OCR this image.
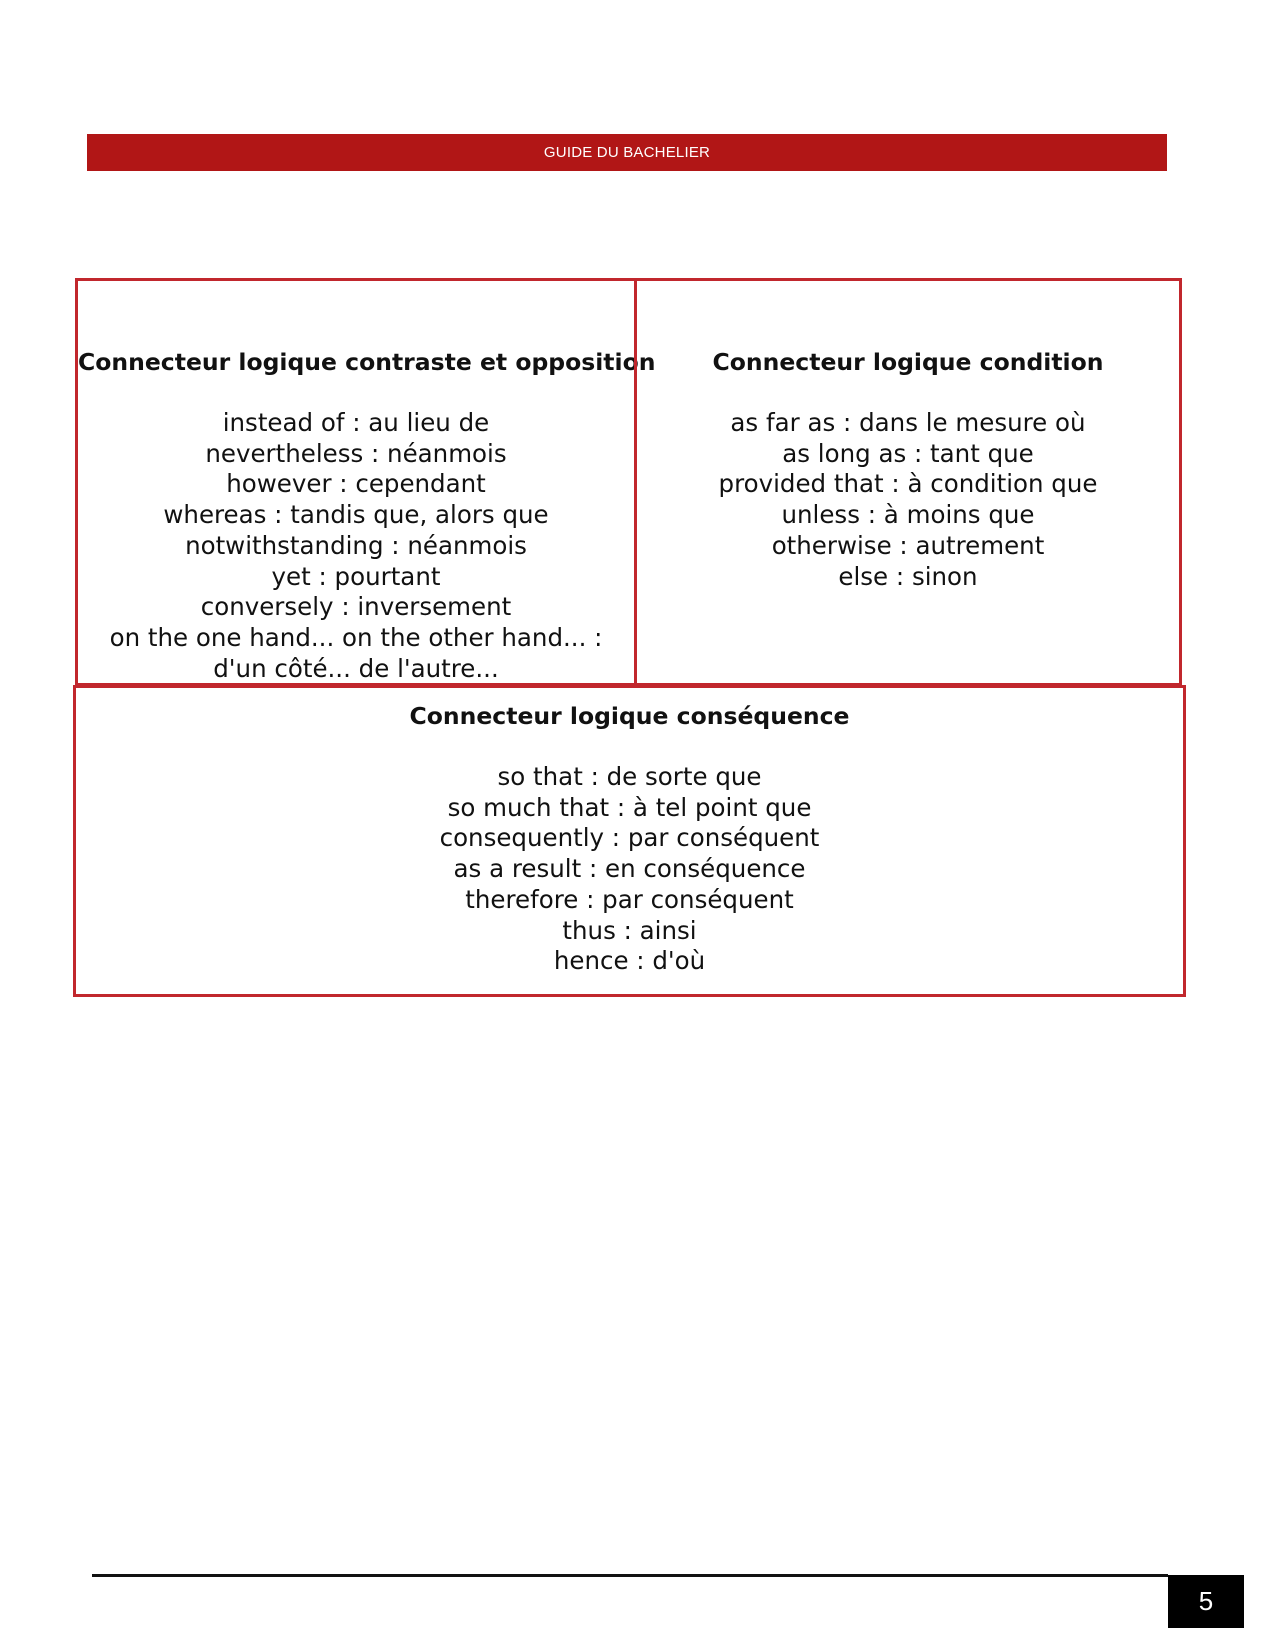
GUIDE DU BACHELIER
Connecteur logique contraste et opposition
instead of : au lieu de
nevertheless : néanmois
however : cependant
whereas : tandis que, alors que
notwithstanding : néanmois
yet : pourtant
conversely : inversement
on the one hand... on the other hand... :
d'un côté... de l'autre...
Connecteur logique condition
as far as : dans le mesure où
as long as : tant que
provided that : à condition que
unless : à moins que
otherwise : autrement
else : sinon
Connecteur logique conséquence
so that : de sorte que
so much that : à tel point que
consequently : par conséquent
as a result : en conséquence
therefore : par conséquent
thus : ainsi
hence : d'où
5
